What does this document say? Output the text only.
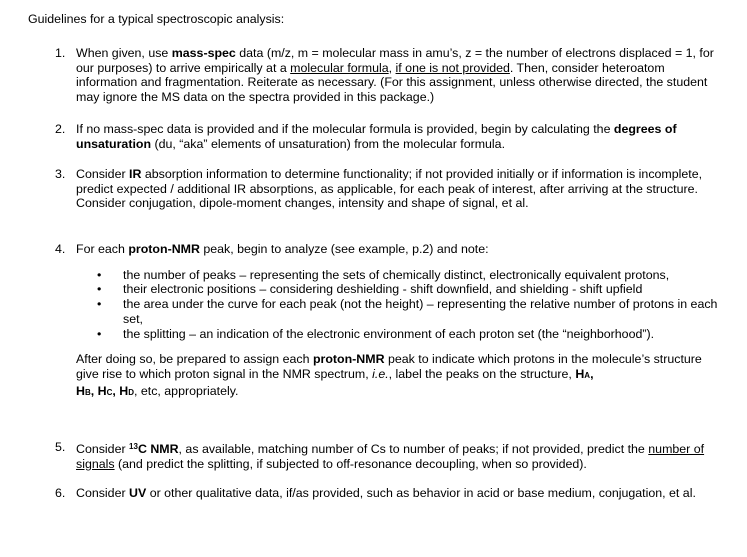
Guidelines for a typical spectroscopic analysis:
1. When given, use mass-spec data (m/z, m = molecular mass in amu’s, z = the number of electrons displaced = 1, for our purposes) to arrive empirically at a molecular formula, if one is not provided. Then, consider heteroatom information and fragmentation. Reiterate as necessary. (For this assignment, unless otherwise directed, the student may ignore the MS data on the spectra provided in this package.)
2. If no mass-spec data is provided and if the molecular formula is provided, begin by calculating the degrees of unsaturation (du, “aka” elements of unsaturation) from the molecular formula.
3. Consider IR absorption information to determine functionality; if not provided initially or if information is incomplete, predict expected / additional IR absorptions, as applicable, for each peak of interest, after arriving at the structure. Consider conjugation, dipole-moment changes, intensity and shape of signal, et al.
4. For each proton-NMR peak, begin to analyze (see example, p.2) and note:

• the number of peaks – representing the sets of chemically distinct, electronically equivalent protons,
• their electronic positions – considering deshielding - shift downfield, and shielding - shift upfield
• the area under the curve for each peak (not the height) – representing the relative number of protons in each set,
• the splitting – an indication of the electronic environment of each proton set (the “neighborhood”).

After doing so, be prepared to assign each proton-NMR peak to indicate which protons in the molecule’s structure give rise to which proton signal in the NMR spectrum, i.e., label the peaks on the structure, HA,
HB, HC, HD, etc, appropriately.

5. Consider $^{13}$C NMR, as available, matching number of Cs to number of peaks; if not provided, predict the number of signals (and predict the splitting, if subjected to off-resonance decoupling, when so provided).
6. Consider UV or other qualitative data, if/as provided, such as behavior in acid or base medium, conjugation, et al.
